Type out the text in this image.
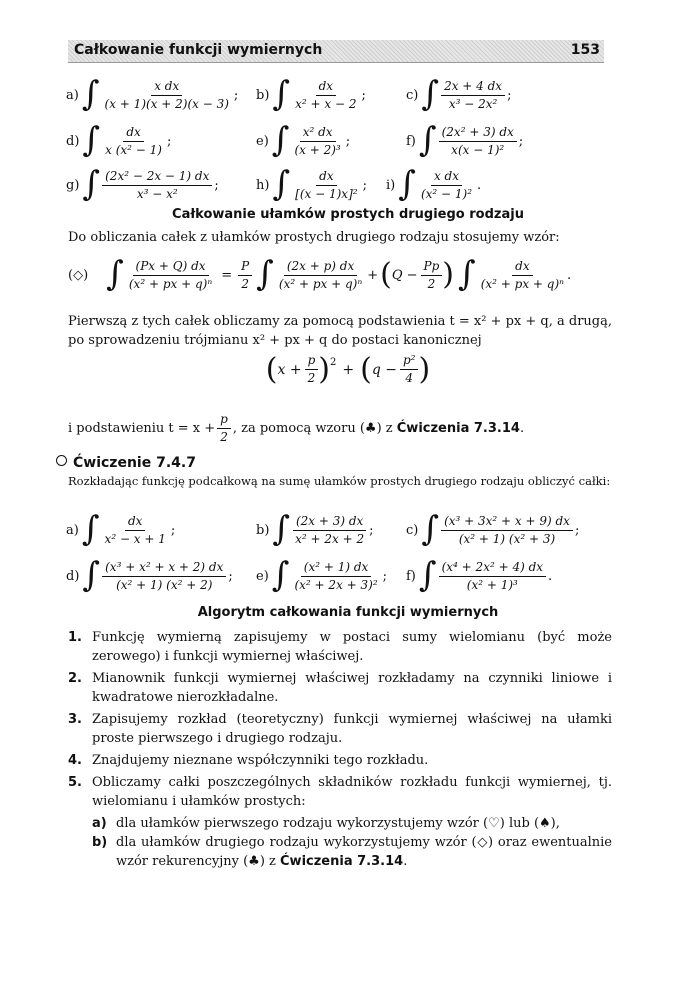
Całkowanie funkcji wymiernych	153
a) ∫ $\frac{\text{x dx}}{(x + 1)(x + 2)(x - 3)}$ ; b) ∫ $\frac{dx}{\text{x² + x − 2}}$ ;	c) ∫ $\frac{2x + 4 dx}{\text{x³ − 2x²}}$ ;
d) ∫ $\frac{dx}{\text{x (x² − 1)}}$ ;	e) ∫ $\frac{\text{x² dx}}{\text{(x + 2)³}}$ ;	f) ∫ $\frac{\text{(2x² + 3) dx}}{\text{x(x − 1)²}}$ ;
g) ∫ $\frac{\text{(2x² − 2x − 1) dx}}{\text{x³ − x²}}$ ;	h) ∫ $\frac{dx}{\text{[(x − 1)x]²}}$ ; i) ∫ $\frac{\text{x dx}}{\text{(x² − 1)²}}$ .
Całkowanie ułamków prostych drugiego rodzaju
Do obliczania całek z ułamków prostych drugiego rodzaju stosujemy wzór:
(◇) ∫ $\frac{(Px + Q) dx}{\text{(x² + px + q)ⁿ}} = \frac{P}{2}$ ∫ $\frac{(2x + p) dx}{\text{(x² + px + q)ⁿ}}$ + ( $Q - \frac{Pp}{2}$ ) ∫ $\frac{dx}{\text{(x² + px + q)ⁿ}}$ .
Pierwszą z tych całek obliczamy za pomocą podstawienia t = x² + px + q, a drugą, po sprowadzeniu trójmianu x² + px + q do postaci kanonicznej
( $x + \frac{p}{2} )^2$ + ( $q - \frac{\text{p²}}{4}$ )
i podstawieniu $t = x + \frac{p}{2}$ , za pomocą wzoru (♣) z
Ćwiczenia 7.3.14 .
Ćwiczenie 7.4.7
Rozkładając funkcję podcałkową na sumę ułamków prostych drugiego rodzaju obliczyć całki:
a) ∫ $\frac{dx}{\text{x² − x + 1}}$ ;	b) ∫ $\frac{(2x + 3) dx}{\text{x² + 2x + 2}}$ ;	c) ∫ $\frac{\text{(x³ + 3x² + x + 9) dx}}{\text{(x² + 1) (x² + 3)}}$ ;
d) ∫ $\frac{\text{(x³ + x² + x + 2) dx}}{\text{(x² + 1) (x² + 2)}}$ ; e) ∫ $\frac{\text{(x² + 1) dx}}{\text{(x² + 2x + 3)²}}$ ; f) ∫ $\frac{\text{(x⁴ + 2x² + 4) dx}}{\text{(x² + 1)³}}$ .
Algorytm całkowania funkcji wymiernych
1. Funkcję wymierną zapisujemy w postaci sumy wielomianu (być może zerowego) i funkcji wymiernej właściwej.
2. Mianownik funkcji wymiernej właściwej rozkładamy na czynniki liniowe i kwadratowe nierozkładalne.
3. Zapisujemy rozkład (teoretyczny) funkcji wymiernej właściwej na ułamki proste pierwszego i drugiego rodzaju.
4. Znajdujemy nieznane współczynniki tego rozkładu.
5. Obliczamy całki poszczególnych składników rozkładu funkcji wymiernej, tj. wielomianu i ułamków prostych:
a) dla ułamków pierwszego rodzaju wykorzystujemy wzór (♡) lub (♠),
b) dla ułamków drugiego rodzaju wykorzystujemy wzór (◇) oraz ewentualnie wzór rekurencyjny (♣) z Ćwiczenia 7.3.14.
